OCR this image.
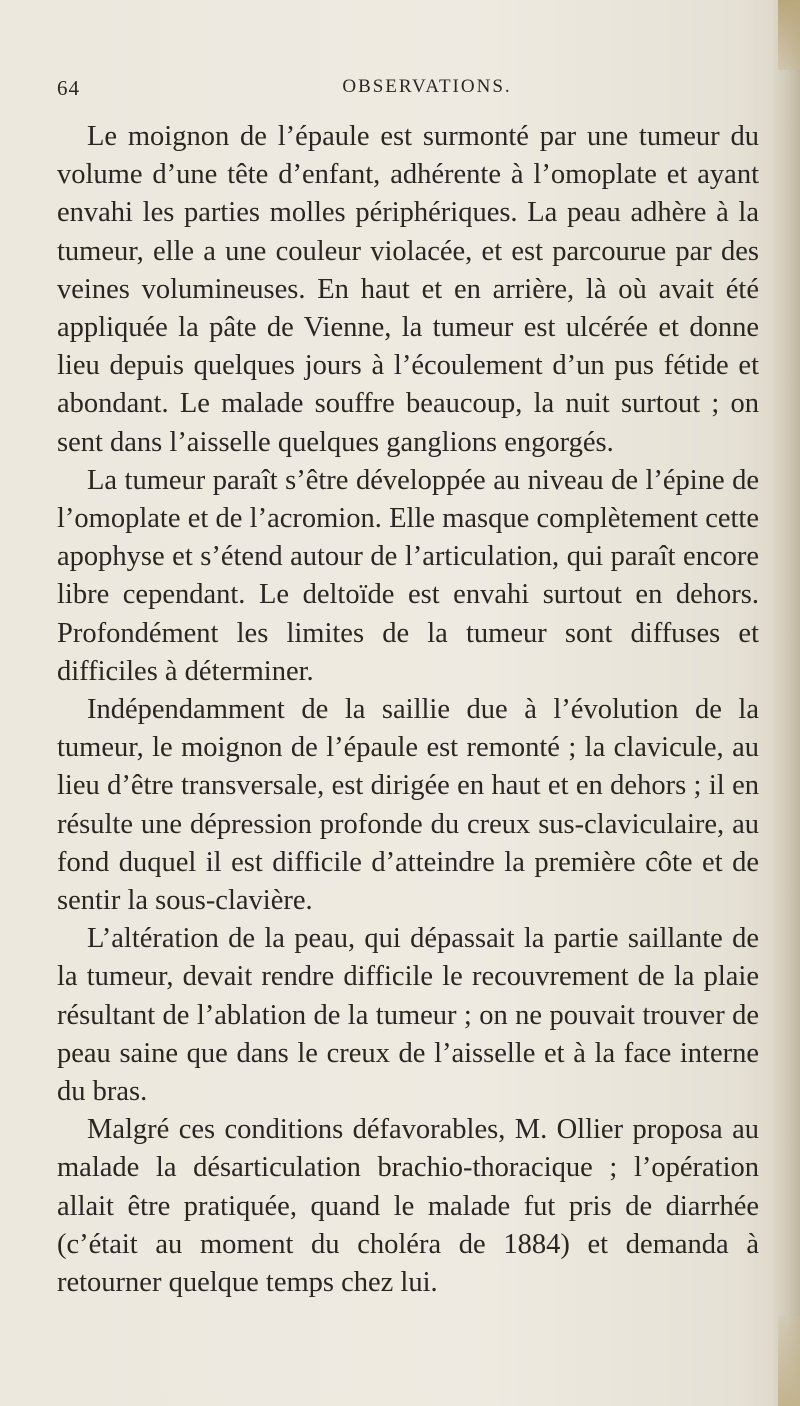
64	OBSERVATIONS.

Le moignon de l’épaule est surmonté par une tumeur du volume d’une tête d’enfant, adhérente à l’omoplate et ayant envahi les parties molles périphériques. La peau adhère à la tumeur, elle a une couleur violacée, et est parcourue par des veines volumineuses. En haut et en arrière, là où avait été appliquée la pâte de Vienne, la tumeur est ulcérée et donne lieu depuis quelques jours à l’écoulement d’un pus fétide et abondant. Le malade souffre beaucoup, la nuit surtout ; on sent dans l’aisselle quelques ganglions engorgés.

La tumeur paraît s’être développée au niveau de l’épine de l’omoplate et de l’acromion. Elle masque complètement cette apophyse et s’étend autour de l’articulation, qui paraît encore libre cependant. Le deltoïde est envahi surtout en dehors. Profondément les limites de la tumeur sont diffuses et difficiles à déterminer.

Indépendamment de la saillie due à l’évolution de la tumeur, le moignon de l’épaule est remonté ; la clavicule, au lieu d’être transversale, est dirigée en haut et en dehors ; il en résulte une dépression profonde du creux sus-claviculaire, au fond duquel il est difficile d’atteindre la première côte et de sentir la sous-clavière.

L’altération de la peau, qui dépassait la partie saillante de la tumeur, devait rendre difficile le recouvrement de la plaie résultant de l’ablation de la tumeur ; on ne pouvait trouver de peau saine que dans le creux de l’aisselle et à la face interne du bras.

Malgré ces conditions défavorables, M. Ollier proposa au malade la désarticulation brachio-thoracique ; l’opération allait être pratiquée, quand le malade fut pris de diarrhée (c’était au moment du choléra de 1884) et demanda à retourner quelque temps chez lui.
